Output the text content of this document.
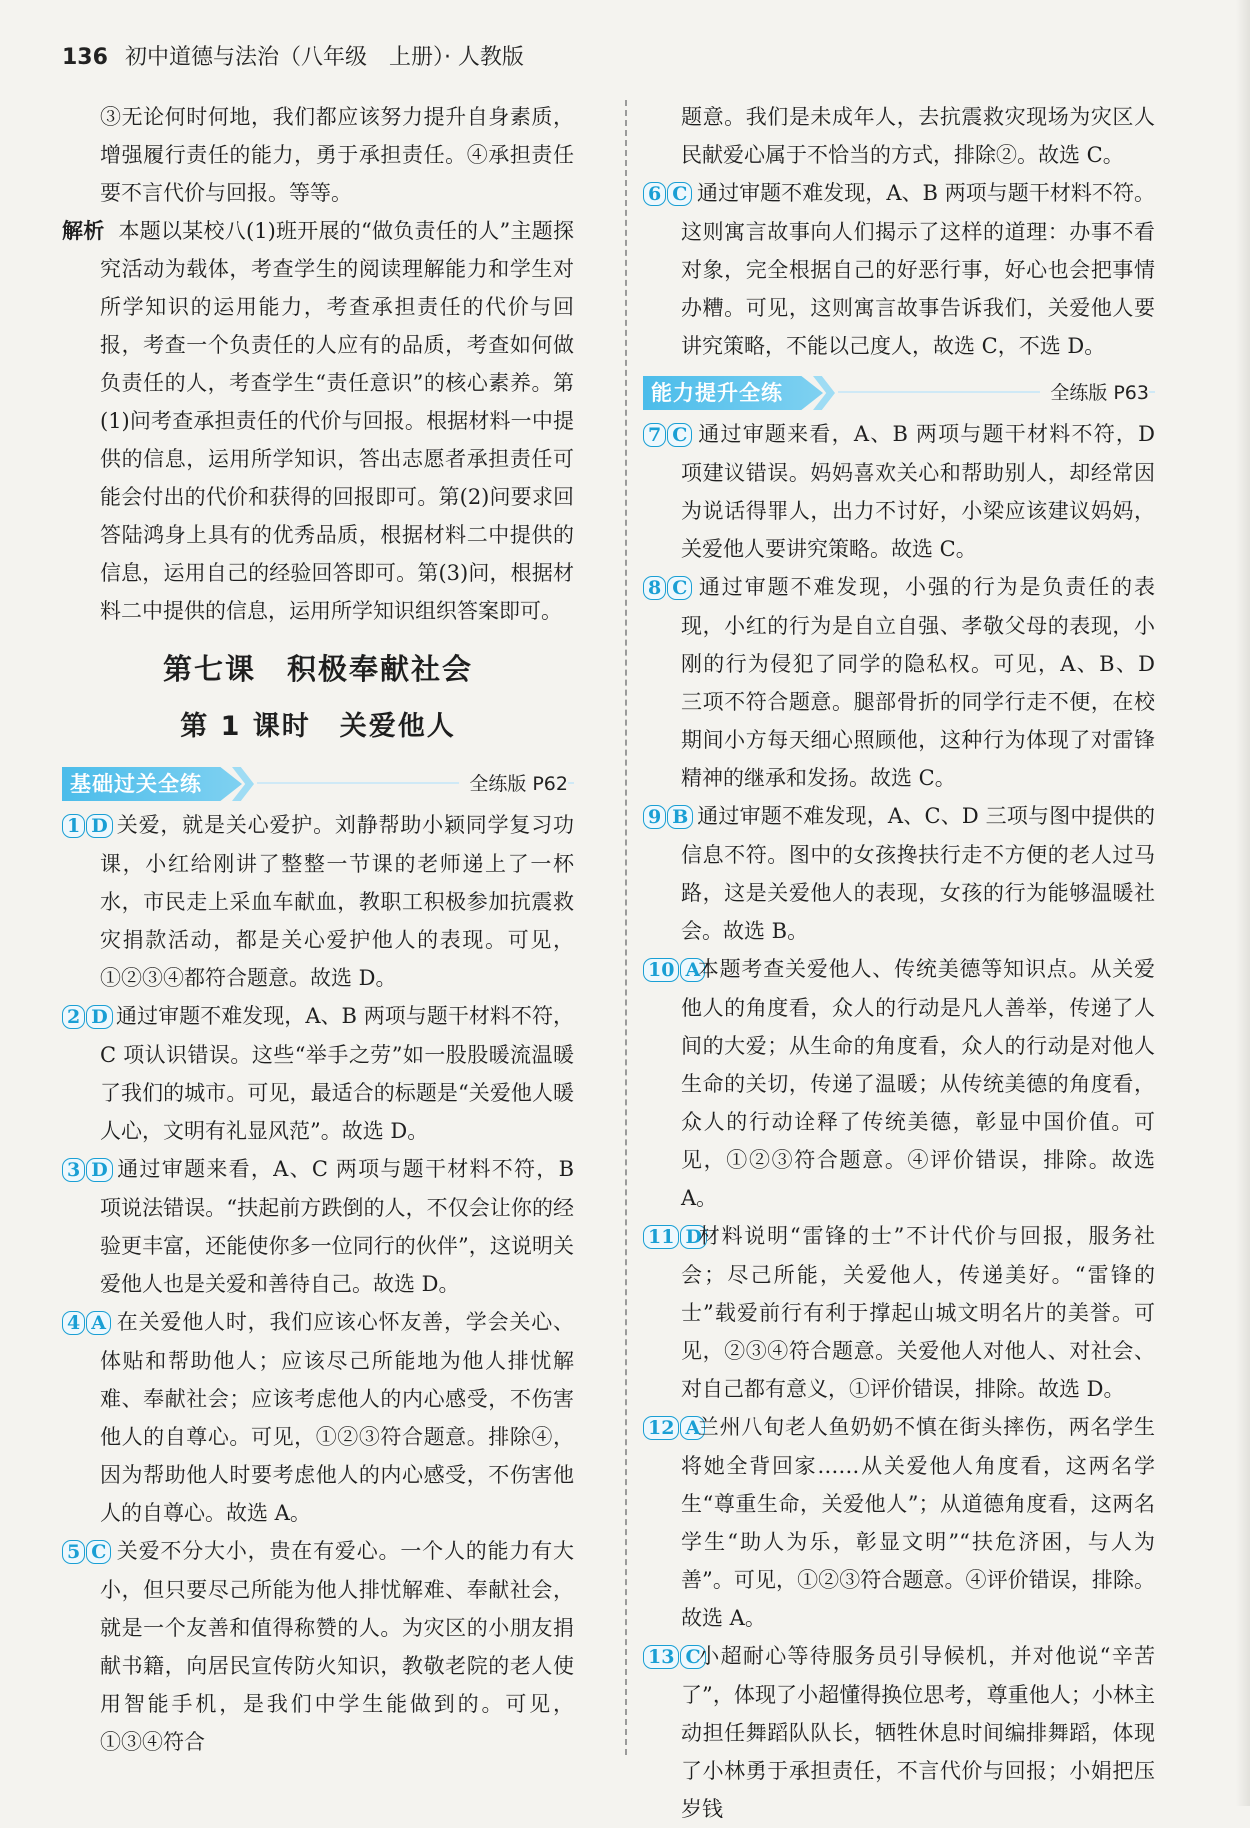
136 初中道德与法治（八年级　上册）· 人教版

③无论何时何地，我们都应该努力提升自身素质，增强履行责任的能力，勇于承担责任。④承担责任要不言代价与回报。等等。

解析 本题以某校八(1)班开展的“做负责任的人”主题探究活动为载体，考查学生的阅读理解能力和学生对所学知识的运用能力，考查承担责任的代价与回报，考查一个负责任的人应有的品质，考查如何做负责任的人，考查学生“责任意识”的核心素养。第(1)问考查承担责任的代价与回报。根据材料一中提供的信息，运用所学知识，答出志愿者承担责任可能会付出的代价和获得的回报即可。第(2)问要求回答陆鸿身上具有的优秀品质，根据材料二中提供的信息，运用自己的经验回答即可。第(3)问，根据材料二中提供的信息，运用所学知识组织答案即可。

第七课　积极奉献社会
第 1 课时　关爱他人
基础过关全练	全练版 P62

1 D 关爱，就是关心爱护。刘静帮助小颖同学复习功课，小红给刚讲了整整一节课的老师递上了一杯水，市民走上采血车献血，教职工积极参加抗震救灾捐款活动，都是关心爱护他人的表现。可见，①②③④都符合题意。故选 D。

2 D 通过审题不难发现，A、B 两项与题干材料不符，C 项认识错误。这些“举手之劳”如一股股暖流温暖了我们的城市。可见，最适合的标题是“关爱他人暖人心，文明有礼显风范”。故选 D。

3 D 通过审题来看，A、C 两项与题干材料不符，B 项说法错误。“扶起前方跌倒的人，不仅会让你的经验更丰富，还能使你多一位同行的伙伴”，这说明关爱他人也是关爱和善待自己。故选 D。

4 A 在关爱他人时，我们应该心怀友善，学会关心、体贴和帮助他人；应该尽己所能地为他人排忧解难、奉献社会；应该考虑他人的内心感受，不伤害他人的自尊心。可见，①②③符合题意。排除④，因为帮助他人时要考虑他人的内心感受，不伤害他人的自尊心。故选 A。

5 C 关爱不分大小，贵在有爱心。一个人的能力有大小，但只要尽己所能为他人排忧解难、奉献社会，就是一个友善和值得称赞的人。为灾区的小朋友捐献书籍，向居民宣传防火知识，教敬老院的老人使用智能手机，是我们中学生能做到的。可见，①③④符合

题意。我们是未成年人，去抗震救灾现场为灾区人民献爱心属于不恰当的方式，排除②。故选 C。

6 C 通过审题不难发现，A、B 两项与题干材料不符。这则寓言故事向人们揭示了这样的道理：办事不看对象，完全根据自己的好恶行事，好心也会把事情办糟。可见，这则寓言故事告诉我们，关爱他人要讲究策略，不能以己度人，故选 C，不选 D。

能力提升全练	全练版 P63

7 C 通过审题来看，A、B 两项与题干材料不符，D 项建议错误。妈妈喜欢关心和帮助别人，却经常因为说话得罪人，出力不讨好，小梁应该建议妈妈，关爱他人要讲究策略。故选 C。

8 C 通过审题不难发现，小强的行为是负责任的表现，小红的行为是自立自强、孝敬父母的表现，小刚的行为侵犯了同学的隐私权。可见，A、B、D 三项不符合题意。腿部骨折的同学行走不便，在校期间小方每天细心照顾他，这种行为体现了对雷锋精神的继承和发扬。故选 C。

9 B 通过审题不难发现，A、C、D 三项与图中提供的信息不符。图中的女孩搀扶行走不方便的老人过马路，这是关爱他人的表现，女孩的行为能够温暖社会。故选 B。

10 A本题考查关爱他人、传统美德等知识点。从关爱他人的角度看，众人的行动是凡人善举，传递了人间的大爱；从生命的角度看，众人的行动是对他人生命的关切，传递了温暖；从传统美德的角度看，众人的行动诠释了传统美德，彰显中国价值。可见，①②③符合题意。④评价错误，排除。故选 A。

11 D材料说明“雷锋的士”不计代价与回报，服务社会；尽己所能，关爱他人，传递美好。“雷锋的士”载爱前行有利于撑起山城文明名片的美誉。可见，②③④符合题意。关爱他人对他人、对社会、对自己都有意义，①评价错误，排除。故选 D。

12 A兰州八旬老人鱼奶奶不慎在街头摔伤，两名学生将她全背回家……从关爱他人角度看，这两名学生“尊重生命，关爱他人”；从道德角度看，这两名学生“助人为乐，彰显文明”“扶危济困，与人为善”。可见，①②③符合题意。④评价错误，排除。故选 A。

13 C小超耐心等待服务员引导候机，并对他说“辛苦了”，体现了小超懂得换位思考，尊重他人；小林主动担任舞蹈队队长，牺牲休息时间编排舞蹈，体现了小林勇于承担责任，不言代价与回报；小娟把压岁钱
